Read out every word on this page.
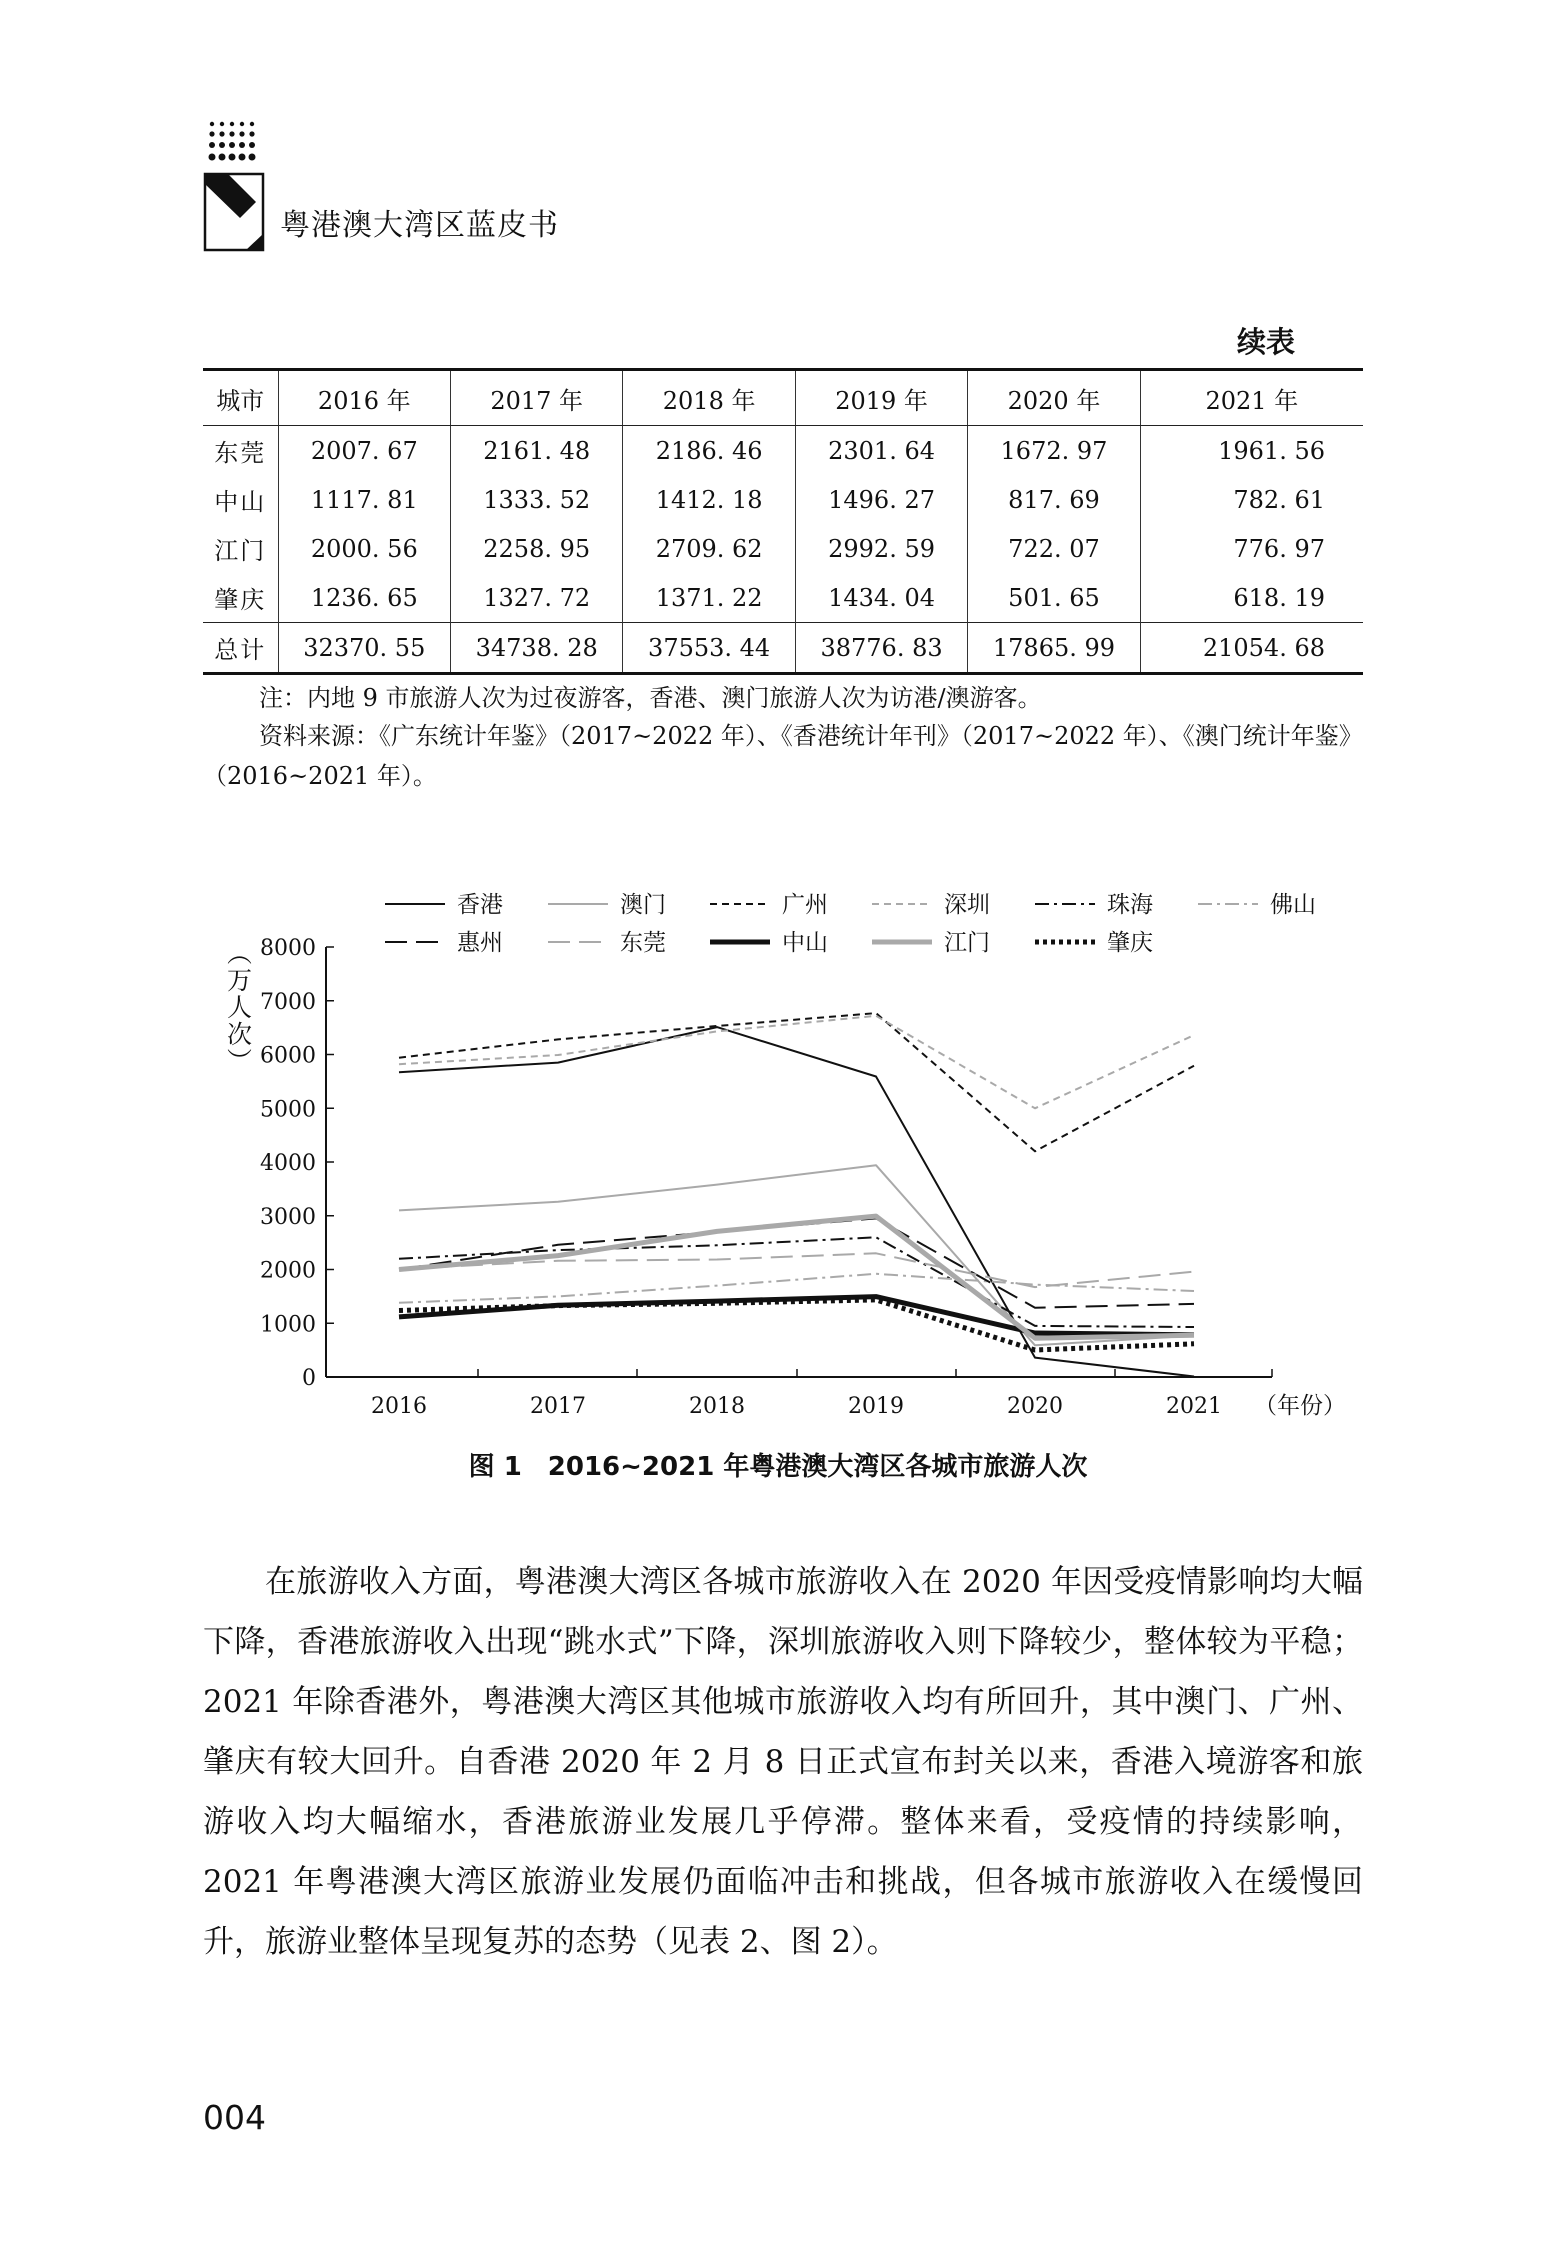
粤港澳大湾区蓝皮书
续表
城市	2016 年	2017 年	2018 年	2019 年	2020 年	2021 年
东莞	2007. 67	2161. 48	2186. 46	2301. 64	1672. 97	1961. 56
中山	1117. 81	1333. 52	1412. 18	1496. 27	817. 69	782. 61
江门	2000. 56	2258. 95	2709. 62	2992. 59	722. 07	776. 97
肇庆	1236. 65	1327. 72	1371. 22	1434. 04	501. 65	618. 19
总计	32370. 55	34738. 28	37553. 44	38776. 83	17865. 99	21054. 68
注：内地 9 市旅游人次为过夜游客，香港、澳门旅游人次为访港/澳游客。
资料来源：《广东统计年鉴》（2017~2022 年）、《香港统计年刊》（2017~2022 年）、《澳门统计年鉴》（2016~2021 年）。
0
1000
2000
3000
4000
5000
6000
7000
8000
2016	2017	2018	2019	2020	2021 （年份）
（万人次）
香港	澳门	广州	深圳	珠海	佛山
惠州	东莞	中山	江门	肇庆
图 1　2016~2021 年粤港澳大湾区各城市旅游人次
在旅游收入方面，粤港澳大湾区各城市旅游收入在 2020 年因受疫情影响均大幅下降，香港旅游收入出现“跳水式”下降，深圳旅游收入则下降较少，整体较为平稳；2021 年除香港外，粤港澳大湾区其他城市旅游收入均有所回升，其中澳门、广州、肇庆有较大回升。自香港 2020 年 2 月 8 日正式宣布封关以来，香港入境游客和旅游收入均大幅缩水，香港旅游业发展几乎停滞。整体来看，受疫情的持续影响，2021 年粤港澳大湾区旅游业发展仍面临冲击和挑战，但各城市旅游收入在缓慢回升，旅游业整体呈现复苏的态势（见表 2、图 2）。
004
